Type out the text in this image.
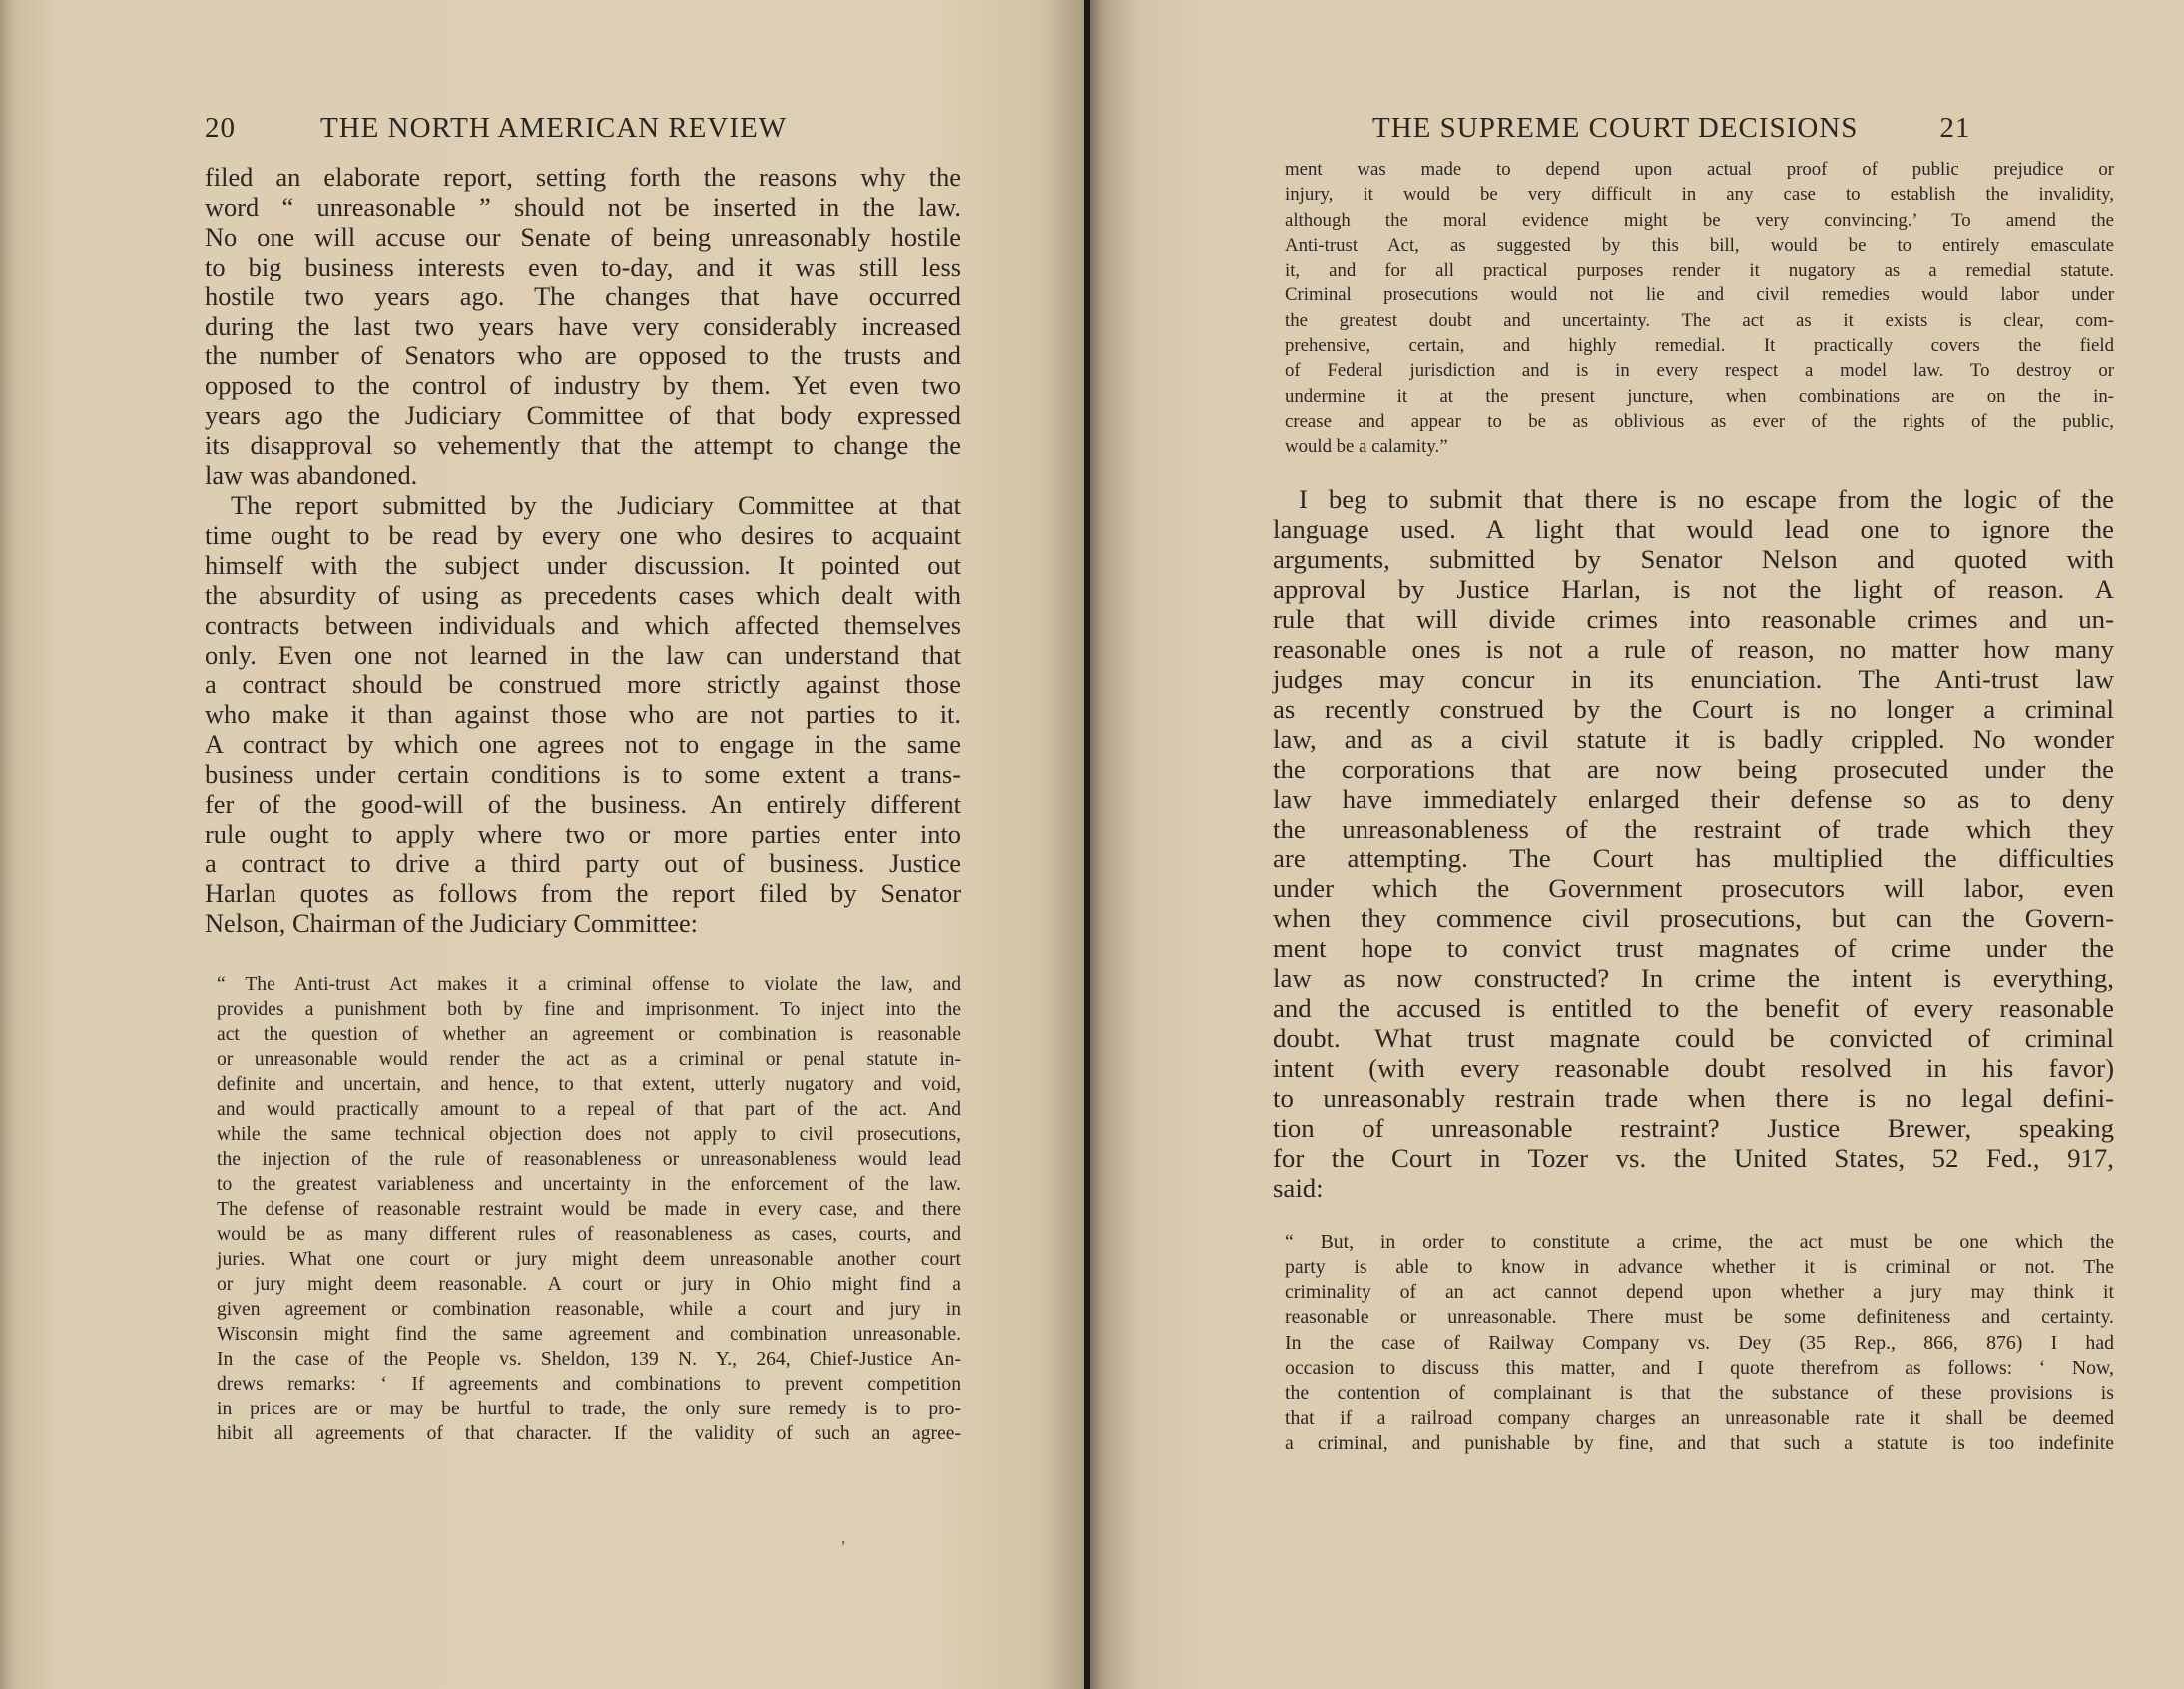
20	THE NORTH AMERICAN REVIEW
filed an elaborate report, setting forth the reasons why the
word “ unreasonable ” should not be inserted in the law.
No one will accuse our Senate of being unreasonably hostile
to big business interests even to-day, and it was still less
hostile two years ago. The changes that have occurred
during the last two years have very considerably increased
the number of Senators who are opposed to the trusts and
opposed to the control of industry by them. Yet even two
years ago the Judiciary Committee of that body expressed
its disapproval so vehemently that the attempt to change the
law was abandoned.
The report submitted by the Judiciary Committee at that
time ought to be read by every one who desires to acquaint
himself with the subject under discussion. It pointed out
the absurdity of using as precedents cases which dealt with
contracts between individuals and which affected themselves
only. Even one not learned in the law can understand that
a contract should be construed more strictly against those
who make it than against those who are not parties to it.
A contract by which one agrees not to engage in the same
business under certain conditions is to some extent a trans-
fer of the good-will of the business. An entirely different
rule ought to apply where two or more parties enter into
a contract to drive a third party out of business. Justice
Harlan quotes as follows from the report filed by Senator
Nelson, Chairman of the Judiciary Committee:
“ The Anti-trust Act makes it a criminal offense to violate the law, and
provides a punishment both by fine and imprisonment. To inject into the
act the question of whether an agreement or combination is reasonable
or unreasonable would render the act as a criminal or penal statute in-
definite and uncertain, and hence, to that extent, utterly nugatory and void,
and would practically amount to a repeal of that part of the act. And
while the same technical objection does not apply to civil prosecutions,
the injection of the rule of reasonableness or unreasonableness would lead
to the greatest variableness and uncertainty in the enforcement of the law.
The defense of reasonable restraint would be made in every case, and there
would be as many different rules of reasonableness as cases, courts, and
juries. What one court or jury might deem unreasonable another court
or jury might deem reasonable. A court or jury in Ohio might find a
given agreement or combination reasonable, while a court and jury in
Wisconsin might find the same agreement and combination unreasonable.
In the case of the People vs. Sheldon, 139 N. Y., 264, Chief-Justice An-
drews remarks: ‘ If agreements and combinations to prevent competition
in prices are or may be hurtful to trade, the only sure remedy is to pro-
hibit all agreements of that character. If the validity of such an agree-
’
THE SUPREME COURT DECISIONS	21
ment was made to depend upon actual proof of public prejudice or
injury, it would be very difficult in any case to establish the invalidity,
although the moral evidence might be very convincing.’ To amend the
Anti-trust Act, as suggested by this bill, would be to entirely emasculate
it, and for all practical purposes render it nugatory as a remedial statute.
Criminal prosecutions would not lie and civil remedies would labor under
the greatest doubt and uncertainty. The act as it exists is clear, com-
prehensive, certain, and highly remedial. It practically covers the field
of Federal jurisdiction and is in every respect a model law. To destroy or
undermine it at the present juncture, when combinations are on the in-
crease and appear to be as oblivious as ever of the rights of the public,
would be a calamity.”
I beg to submit that there is no escape from the logic of the
language used. A light that would lead one to ignore the
arguments, submitted by Senator Nelson and quoted with
approval by Justice Harlan, is not the light of reason. A
rule that will divide crimes into reasonable crimes and un-
reasonable ones is not a rule of reason, no matter how many
judges may concur in its enunciation. The Anti-trust law
as recently construed by the Court is no longer a criminal
law, and as a civil statute it is badly crippled. No wonder
the corporations that are now being prosecuted under the
law have immediately enlarged their defense so as to deny
the unreasonableness of the restraint of trade which they
are attempting. The Court has multiplied the difficulties
under which the Government prosecutors will labor, even
when they commence civil prosecutions, but can the Govern-
ment hope to convict trust magnates of crime under the
law as now constructed? In crime the intent is everything,
and the accused is entitled to the benefit of every reasonable
doubt. What trust magnate could be convicted of criminal
intent (with every reasonable doubt resolved in his favor)
to unreasonably restrain trade when there is no legal defini-
tion of unreasonable restraint? Justice Brewer, speaking
for the Court in Tozer vs. the United States, 52 Fed., 917,
said:
“ But, in order to constitute a crime, the act must be one which the
party is able to know in advance whether it is criminal or not. The
criminality of an act cannot depend upon whether a jury may think it
reasonable or unreasonable. There must be some definiteness and certainty.
In the case of Railway Company vs. Dey (35 Rep., 866, 876) I had
occasion to discuss this matter, and I quote therefrom as follows: ‘ Now,
the contention of complainant is that the substance of these provisions is
that if a railroad company charges an unreasonable rate it shall be deemed
a criminal, and punishable by fine, and that such a statute is too indefinite
